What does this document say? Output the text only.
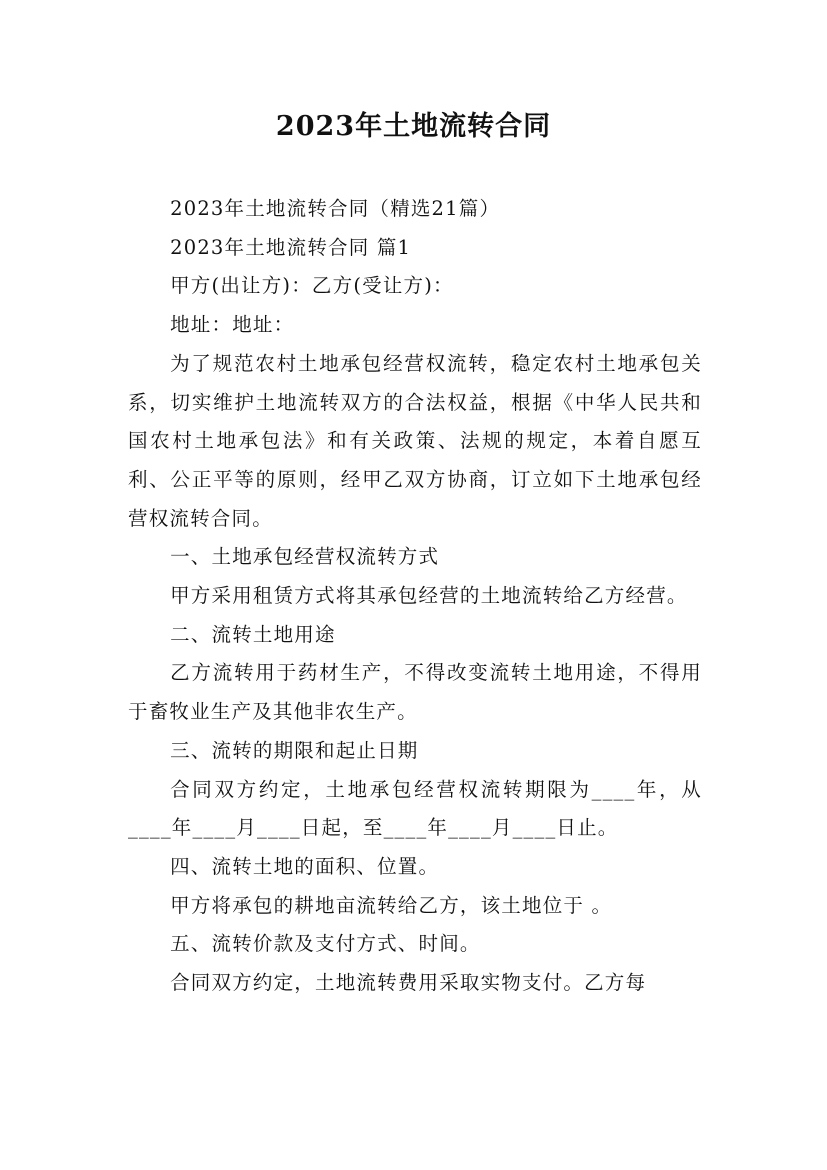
2023年土地流转合同

2023年土地流转合同（精选21篇）

2023年土地流转合同 篇1

甲方(出让方)：乙方(受让方)：

地址：地址：

为了规范农村土地承包经营权流转，稳定农村土地承包关系，切实维护土地流转双方的合法权益，根据《中华人民共和国农村土地承包法》和有关政策、法规的规定，本着自愿互利、公正平等的原则，经甲乙双方协商，订立如下土地承包经营权流转合同。

一、土地承包经营权流转方式

甲方采用租赁方式将其承包经营的土地流转给乙方经营。

二、流转土地用途

乙方流转用于药材生产，不得改变流转土地用途，不得用于畜牧业生产及其他非农生产。

三、流转的期限和起止日期

合同双方约定，土地承包经营权流转期限为____年，从____年____月____日起，至____年____月____日止。

四、流转土地的面积、位置。

甲方将承包的耕地亩流转给乙方，该土地位于 。

五、流转价款及支付方式、时间。

合同双方约定，土地流转费用采取实物支付。乙方每
